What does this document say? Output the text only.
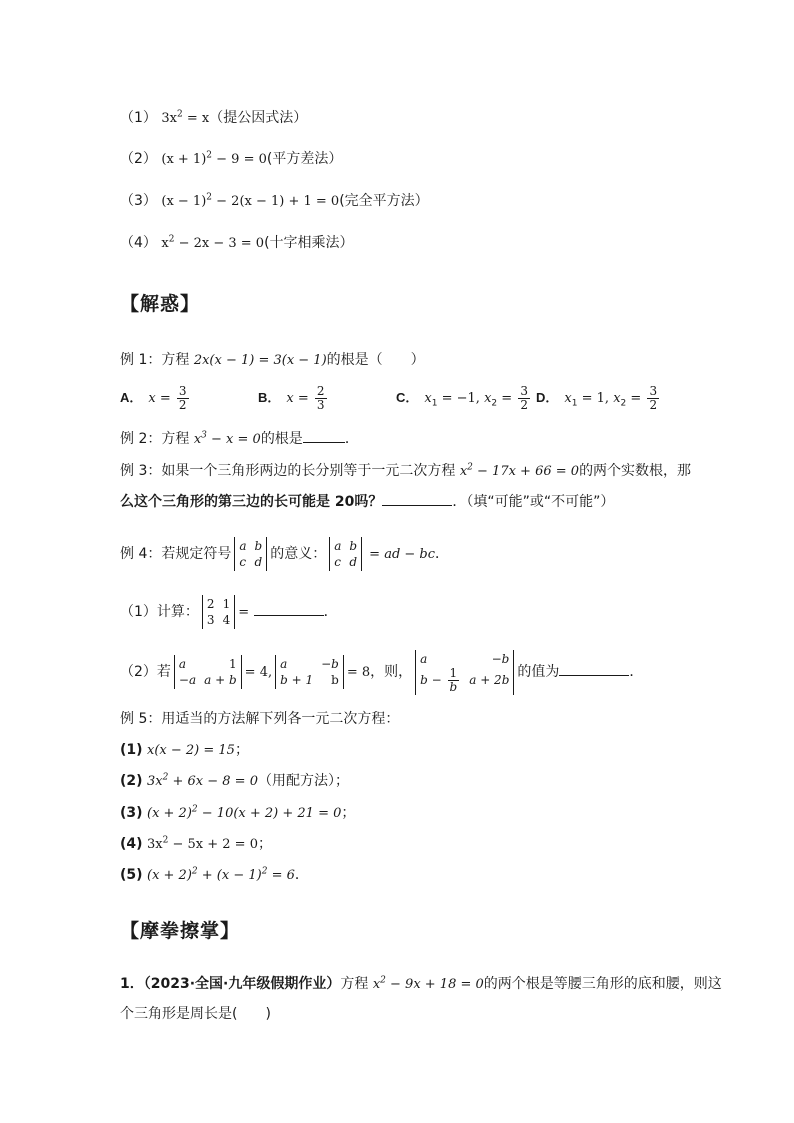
（1） $3x^2 = x$（提公因式法）
（2） $(x + 1)^2 - 9 = 0$(平方差法）
（3） $(x - 1)^2 - 2(x - 1) + 1 = 0$(完全平方法）
（4） $x^2 - 2x - 3 = 0$(十字相乘法）
【解惑】
例 1：方程 2x(x − 1) = 3(x − 1)的根是（　　）
A． $x = \frac{3}{2}$	B． $x = \frac{2}{3}$	C． $x_1 = -1$, $x_2 = \frac{3}{2}$ D． $x_1 = 1$, $x_2 = \frac{3}{2}$
例 2：方程 $x^3 - x = 0$的根是	．
例 3：如果一个三角形两边的长分别等于一元二次方程 $x^2 - 17x + 66 = 0$的两个实数根，那
么这个三角形的第三边的长可能是 20吗？	．（填“可能”或“不可能”）
例 4：若规定符号 a	b
c	d 的意义： a	b
c	d = ad − bc．
（1）计算： 2	1
3	4 =	．
（2）若 a	1
−a	a + b = 4,
a	−b
b + 1	b = 8，则，
a	−b
$b - \frac{1}{b}$	a + 2b 的值为	．
例 5：用适当的方法解下列各一元二次方程：
(1) x(x − 2) = 15；
(2) $3x^2 + 6x - 8 = 0$（用配方法）；
(3) $(x + 2)^2 - 10(x + 2) + 21 = 0$；
(4) $3x^2 - 5x + 2 = 0$；
(5) $(x + 2)^2 + (x - 1)^2 = 6$．
【摩拳擦掌】
1．（2023·全国·九年级假期作业）方程 $x^2 - 9x + 18 = 0$的两个根是等腰三角形的底和腰，则这
个三角形是周长是(　　)
